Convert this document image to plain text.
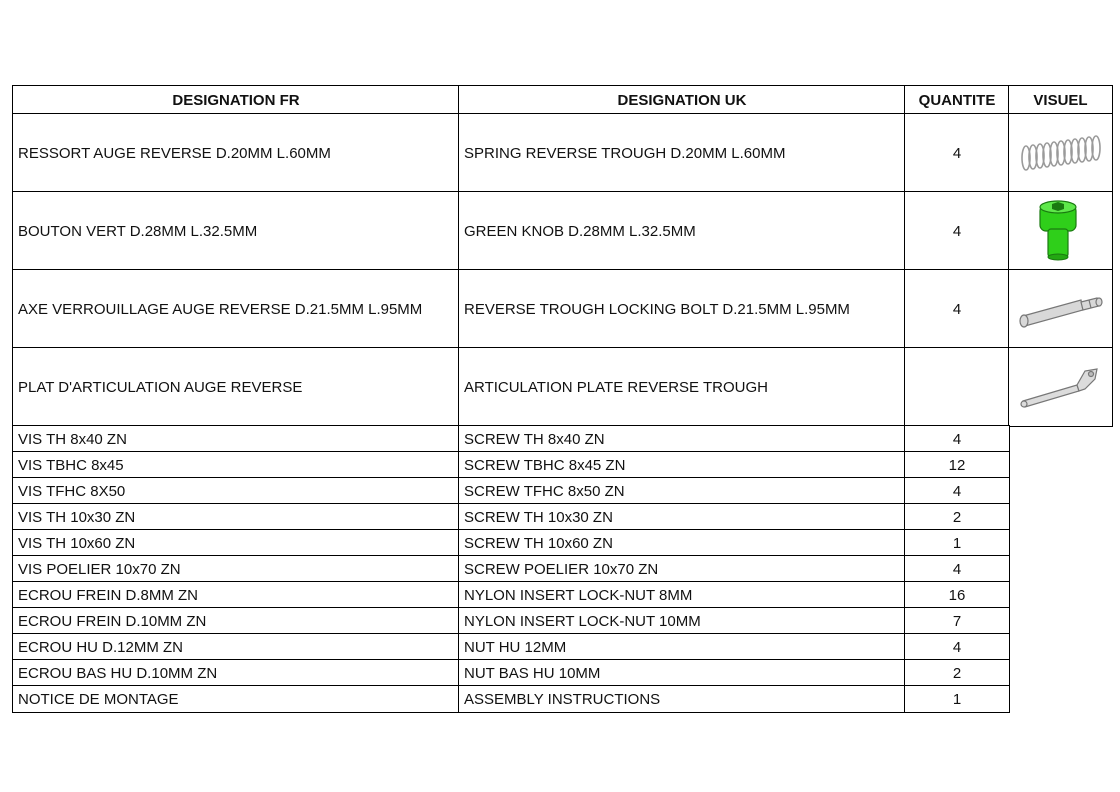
DESIGNATION FR	DESIGNATION UK	QUANTITE	VISUEL
RESSORT AUGE REVERSE D.20MM L.60MM	SPRING REVERSE TROUGH D.20MM L.60MM	4
BOUTON VERT D.28MM L.32.5MM	GREEN KNOB D.28MM L.32.5MM	4
AXE VERROUILLAGE AUGE REVERSE D.21.5MM L.95MM	REVERSE TROUGH LOCKING BOLT D.21.5MM L.95MM	4
PLAT D'ARTICULATION AUGE REVERSE	ARTICULATION PLATE REVERSE TROUGH
VIS TH 8x40 ZN	SCREW TH 8x40 ZN	4
VIS TBHC 8x45	SCREW TBHC 8x45 ZN	12
VIS TFHC 8X50	SCREW TFHC 8x50 ZN	4
VIS TH 10x30 ZN	SCREW TH 10x30 ZN	2
VIS TH 10x60 ZN	SCREW TH 10x60 ZN	1
VIS POELIER 10x70 ZN	SCREW POELIER 10x70 ZN	4
ECROU FREIN D.8MM ZN	NYLON INSERT LOCK-NUT 8MM	16
ECROU FREIN D.10MM ZN	NYLON INSERT LOCK-NUT 10MM	7
ECROU HU D.12MM ZN	NUT HU 12MM	4
ECROU BAS HU D.10MM ZN	NUT BAS HU 10MM	2
NOTICE DE MONTAGE	ASSEMBLY INSTRUCTIONS	1
